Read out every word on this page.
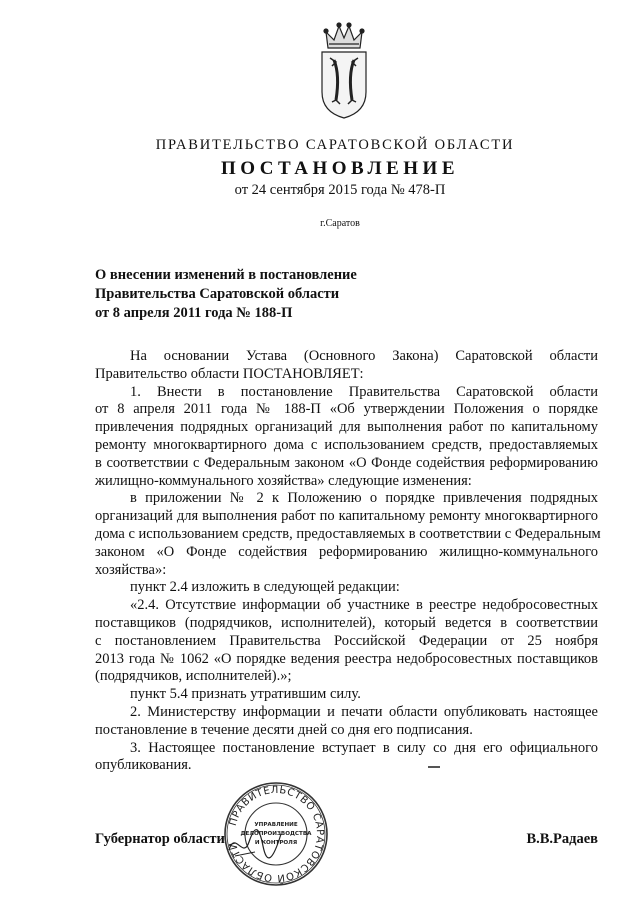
ПРАВИТЕЛЬСТВО САРАТОВСКОЙ ОБЛАСТИ
ПОСТАНОВЛЕНИЕ
от 24 сентября 2015 года № 478-П
г.Саратов
О внесении изменений в постановление
Правительства Саратовской области
от 8 апреля 2011 года № 188-П
На основании Устава (Основного Закона) Саратовской области
Правительство области ПОСТАНОВЛЯЕТ:
1. Внести в постановление Правительства Саратовской области
от 8 апреля 2011 года № 188-П «Об утверждении Положения о порядке
привлечения подрядных организаций для выполнения работ по капитальному
ремонту многоквартирного дома с использованием средств, предоставляемых
в соответствии с Федеральным законом «О Фонде содействия реформированию
жилищно-коммунального хозяйства» следующие изменения:
в приложении № 2 к Положению о порядке привлечения подрядных
организаций для выполнения работ по капитальному ремонту многоквартирного
дома с использованием средств, предоставляемых в соответствии с Федеральным
законом «О Фонде содействия реформированию жилищно-коммунального
хозяйства»:
пункт 2.4 изложить в следующей редакции:
«2.4. Отсутствие информации об участнике в реестре недобросовестных
поставщиков (подрядчиков, исполнителей), который ведется в соответствии
с постановлением Правительства Российской Федерации от 25 ноября
2013 года № 1062 «О порядке ведения реестра недобросовестных поставщиков
(подрядчиков, исполнителей).»;
пункт 5.4 признать утратившим силу.
2. Министерству информации и печати области опубликовать настоящее
постановление в течение десяти дней со дня его подписания.
3. Настоящее постановление вступает в силу со дня его официального
опубликования.
Губернатор области	В.В.Радаев
ПРАВИТЕЛЬСТВО САРАТОВСКОЙ ОБЛАСТИ
УПРАВЛЕНИЕ
ДЕЛОПРОИЗВОДСТВА
И КОНТРОЛЯ
